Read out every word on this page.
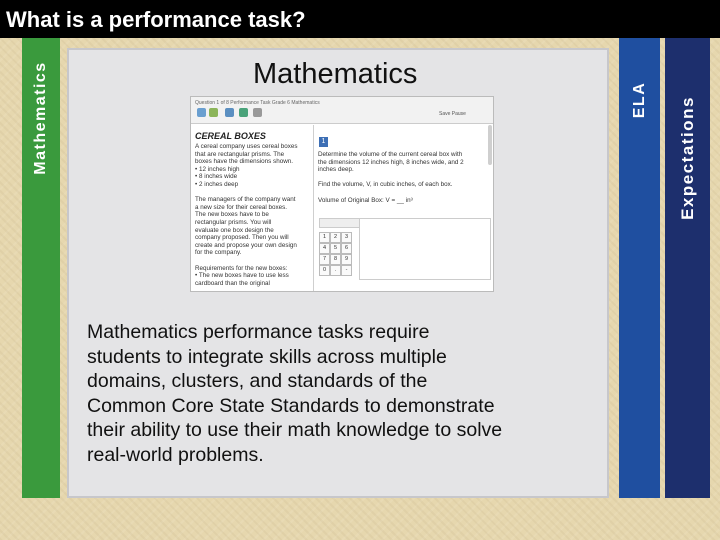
What is a performance task?
Mathematics	ELA Expectations
Mathematics
Question 1 of 8 Performance Task Grade 6 Mathematics
Save Pause
CEREAL BOXES
A cereal company uses cereal boxes
that are rectangular prisms. The
boxes have the dimensions shown.
• 12 inches high
• 8 inches wide
• 2 inches deep

The managers of the company want
a new size for their cereal boxes.
The new boxes have to be
rectangular prisms. You will
evaluate one box design the
company proposed. Then you will
create and propose your own design
for the company.

Requirements for the new boxes:
• The new boxes have to use less
cardboard than the original
1
Determine the volume of the current cereal box with
the dimensions 12 inches high, 8 inches wide, and 2
inches deep.

Find the volume, V, in cubic inches, of each box.

Volume of Original Box: V = __ in³
1	2	3
4	5	6
7	8	9
0	.	-
Mathematics performance tasks require
students to integrate skills across multiple
domains, clusters, and standards of the
Common Core State Standards to demonstrate
their ability to use their math knowledge to solve
real-world problems.
